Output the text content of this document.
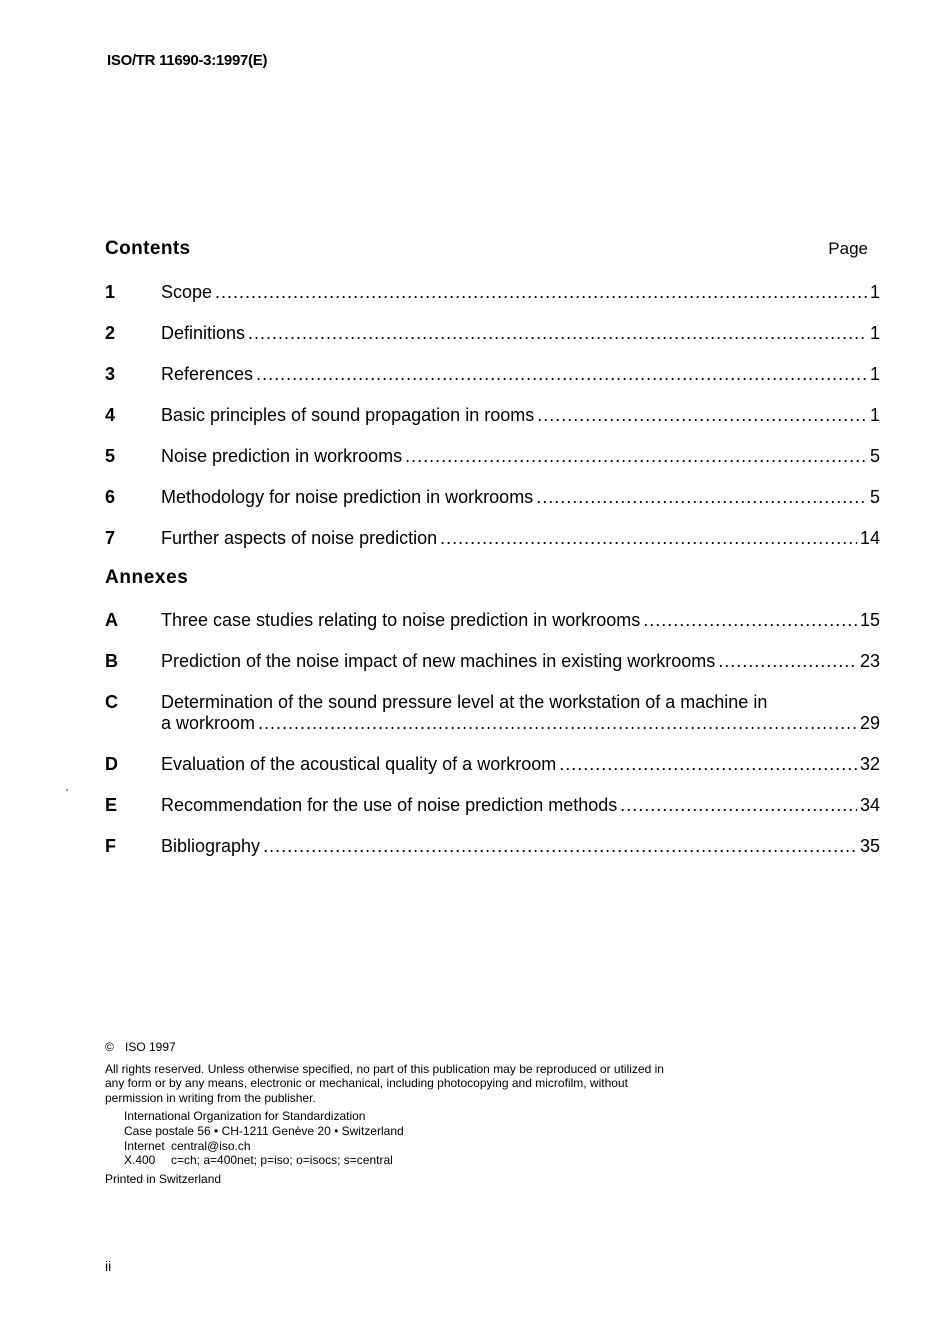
ISO/TR 11690-3:1997(E)
Contents	Page
1	Scope .....	1
2	Definitions .....	1
3	References .....	1
4	Basic principles of sound propagation in rooms .....	1
5	Noise prediction in workrooms .....	5
6	Methodology for noise prediction in workrooms .....	5
7	Further aspects of noise prediction .....	14
Annexes
A	Three case studies relating to noise prediction in workrooms .....	15
B	Prediction of the noise impact of new machines in existing workrooms .....	23
C	Determination of the sound pressure level at the workstation of a machine in
a workroom .....	29
D	Evaluation of the acoustical quality of a workroom .....	32
E	Recommendation for the use of noise prediction methods .....	34
F	Bibliography .....	35
© ISO 1997
All rights reserved. Unless otherwise specified, no part of this publication may be reproduced or utilized in any form or by any means, electronic or mechanical, including photocopying and microfilm, without permission in writing from the publisher.
International Organization for Standardization
Case postale 56 • CH-1211 Genève 20 • Switzerland
Internet central@iso.ch
X.400 c=ch; a=400net; p=iso; o=isocs; s=central
Printed in Switzerland
ii
